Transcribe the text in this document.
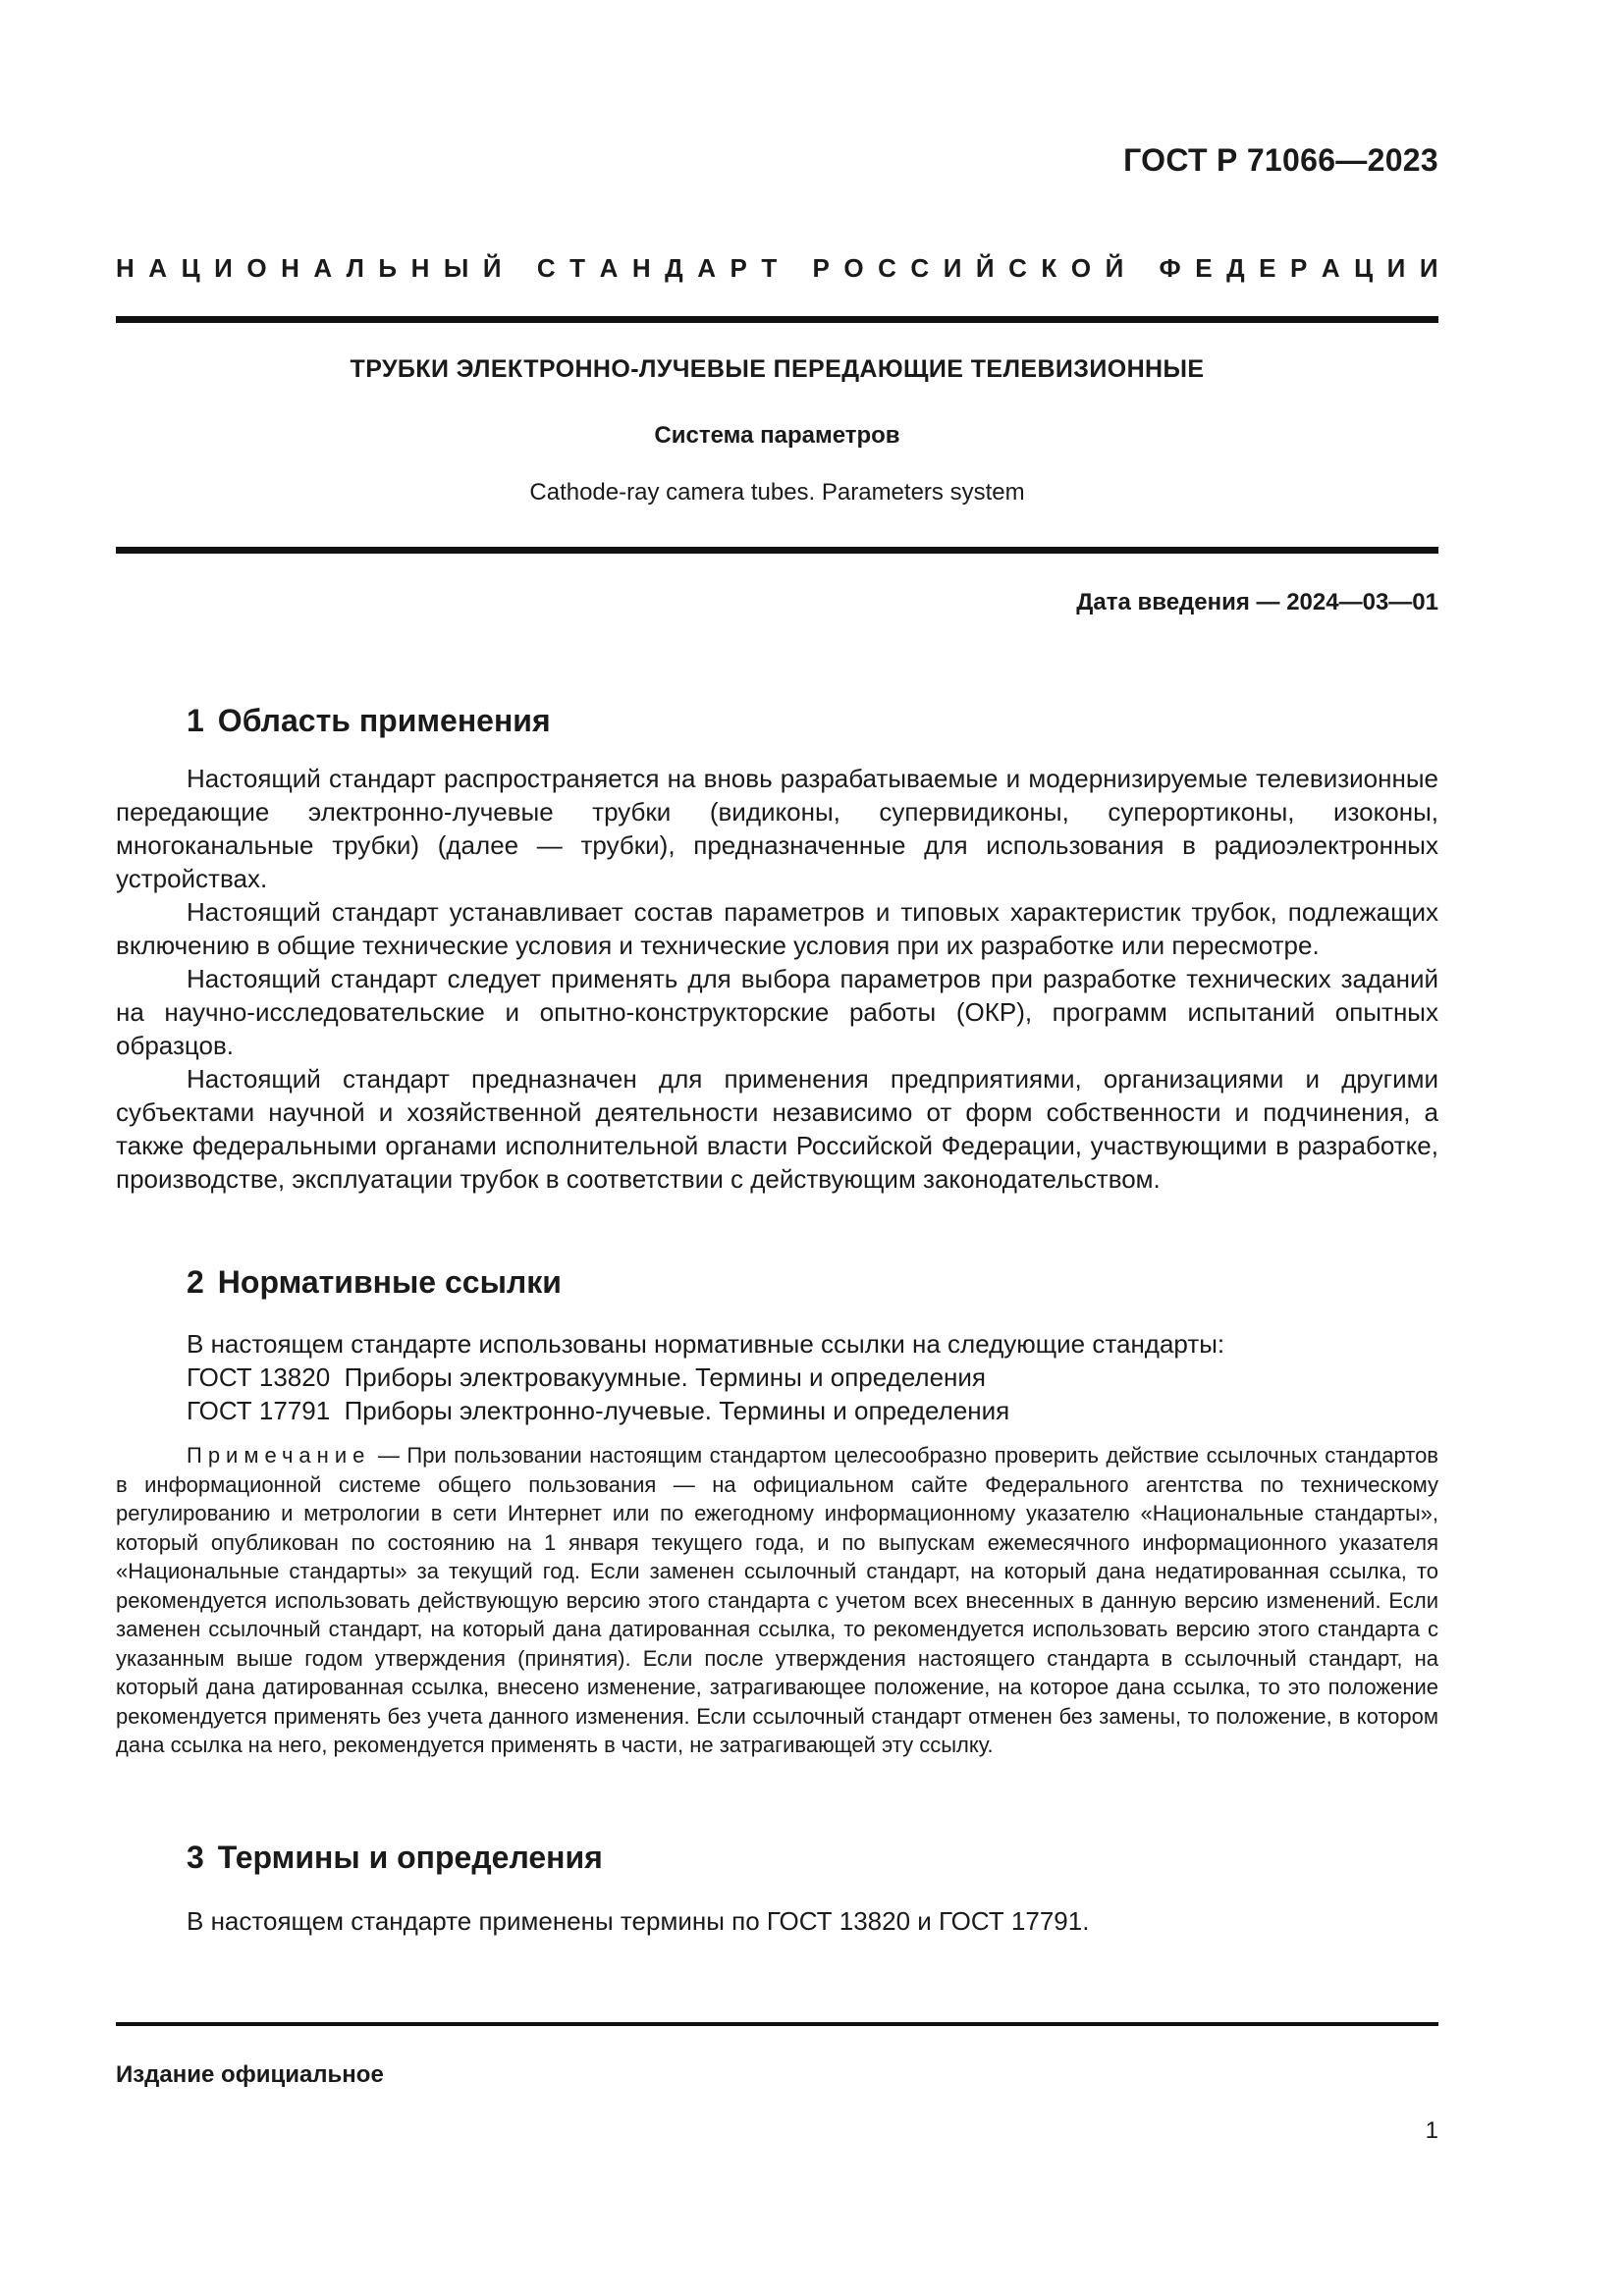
ГОСТ Р 71066—2023
Н А Ц И О Н А Л Ь Н Ы Й
С Т А Н Д А Р Т
Р О С С И Й С К О Й
Ф Е Д Е Р А Ц И И
ТРУБКИ ЭЛЕКТРОННО-ЛУЧЕВЫЕ ПЕРЕДАЮЩИЕ ТЕЛЕВИЗИОННЫЕ
Система параметров
Cathode-ray camera tubes. Parameters system
Дата введения — 2024—03—01
1 Область применения

Настоящий стандарт распространяется на вновь разрабатываемые и модернизируемые телевизионные передающие электронно-лучевые трубки (видиконы, супервидиконы, суперортиконы, изоконы, многоканальные трубки) (далее — трубки), предназначенные для использования в радиоэлектронных устройствах.

Настоящий стандарт устанавливает состав параметров и типовых характеристик трубок, подлежащих включению в общие технические условия и технические условия при их разработке или пересмотре.

Настоящий стандарт следует применять для выбора параметров при разработке технических заданий на научно-исследовательские и опытно-конструкторские работы (ОКР), программ испытаний опытных образцов.

Настоящий стандарт предназначен для применения предприятиями, организациями и другими субъектами научной и хозяйственной деятельности независимо от форм собственности и подчинения, а также федеральными органами исполнительной власти Российской Федерации, участвующими в разработке, производстве, эксплуатации трубок в соответствии с действующим законодательством.

2 Нормативные ссылки
В настоящем стандарте использованы нормативные ссылки на следующие стандарты:
ГОСТ 13820  Приборы электровакуумные. Термины и определения
ГОСТ 17791  Приборы электронно-лучевые. Термины и определения

Примечание — При пользовании настоящим стандартом целесообразно проверить действие ссылочных стандартов в информационной системе общего пользования — на официальном сайте Федерального агентства по техническому регулированию и метрологии в сети Интернет или по ежегодному информационному указателю «Национальные стандарты», который опубликован по состоянию на 1 января текущего года, и по выпускам ежемесячного информационного указателя «Национальные стандарты» за текущий год. Если заменен ссылочный стандарт, на который дана недатированная ссылка, то рекомендуется использовать действующую версию этого стандарта с учетом всех внесенных в данную версию изменений. Если заменен ссылочный стандарт, на который дана датированная ссылка, то рекомендуется использовать версию этого стандарта с указанным выше годом утверждения (принятия). Если после утверждения настоящего стандарта в ссылочный стандарт, на который дана датированная ссылка, внесено изменение, затрагивающее положение, на которое дана ссылка, то это положение рекомендуется применять без учета данного изменения. Если ссылочный стандарт отменен без замены, то положение, в котором дана ссылка на него, рекомендуется применять в части, не затрагивающей эту ссылку.

3 Термины и определения
В настоящем стандарте применены термины по ГОСТ 13820 и ГОСТ 17791.
Издание официальное
1
